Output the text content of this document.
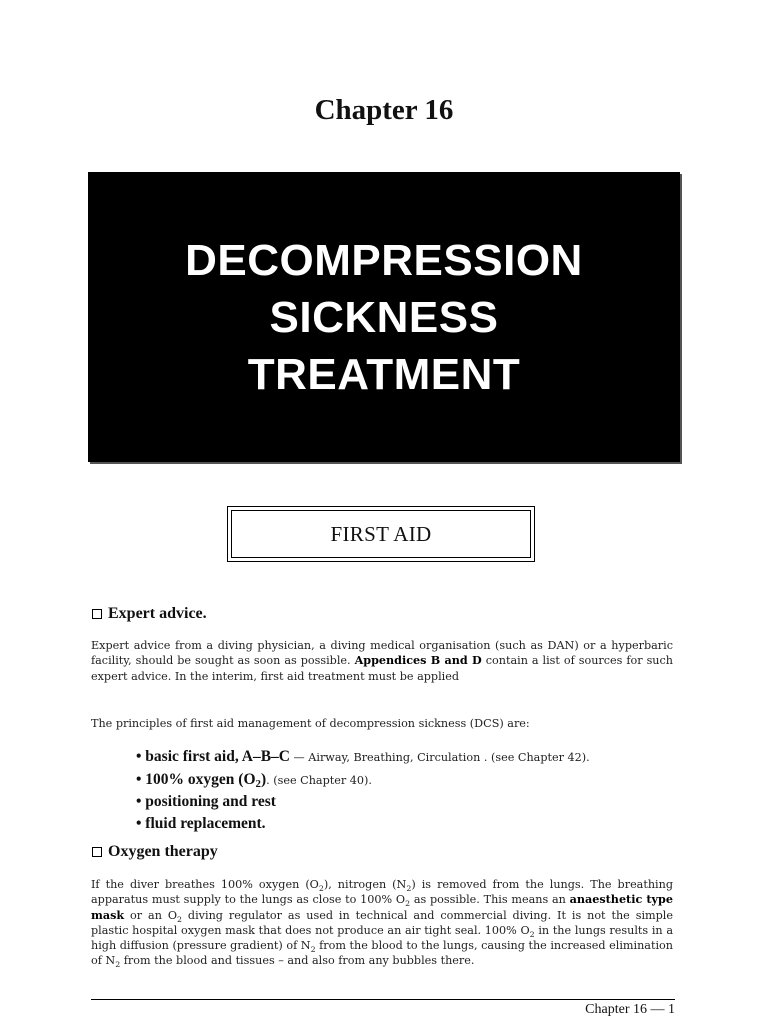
Chapter 16
DECOMPRESSION
SICKNESS
TREATMENT
FIRST AID
Expert advice.

Expert advice from a diving physician, a diving medical organisation (such as DAN) or a hyperbaric facility, should be sought as soon as possible. Appendices B and D contain a list of sources for such expert advice. In the interim, first aid treatment must be applied

The principles of first aid management of decompression sickness (DCS) are:

• basic first aid, A–B–C — Airway, Breathing, Circulation . (see Chapter 42).
• 100% oxygen $(O_2)$. (see Chapter 40).
• positioning and rest
• fluid replacement.
Oxygen therapy

If the diver breathes 100% oxygen $(O_2)$, nitrogen $(N_2)$ is removed from the lungs. The breathing apparatus must supply to the lungs as close to 100% $O_2$ as possible. This means an anaesthetic type mask or an $O_2$ diving regulator as used in technical and commercial diving. It is not the simple plastic hospital oxygen mask that does not produce an air tight seal. 100% $O_2$ in the lungs results in a high diffusion (pressure gradient) of $N_2$ from the blood to the lungs, causing the increased elimination of $N_2$ from the blood and tissues – and also from any bubbles there.

Chapter 16 — 1
